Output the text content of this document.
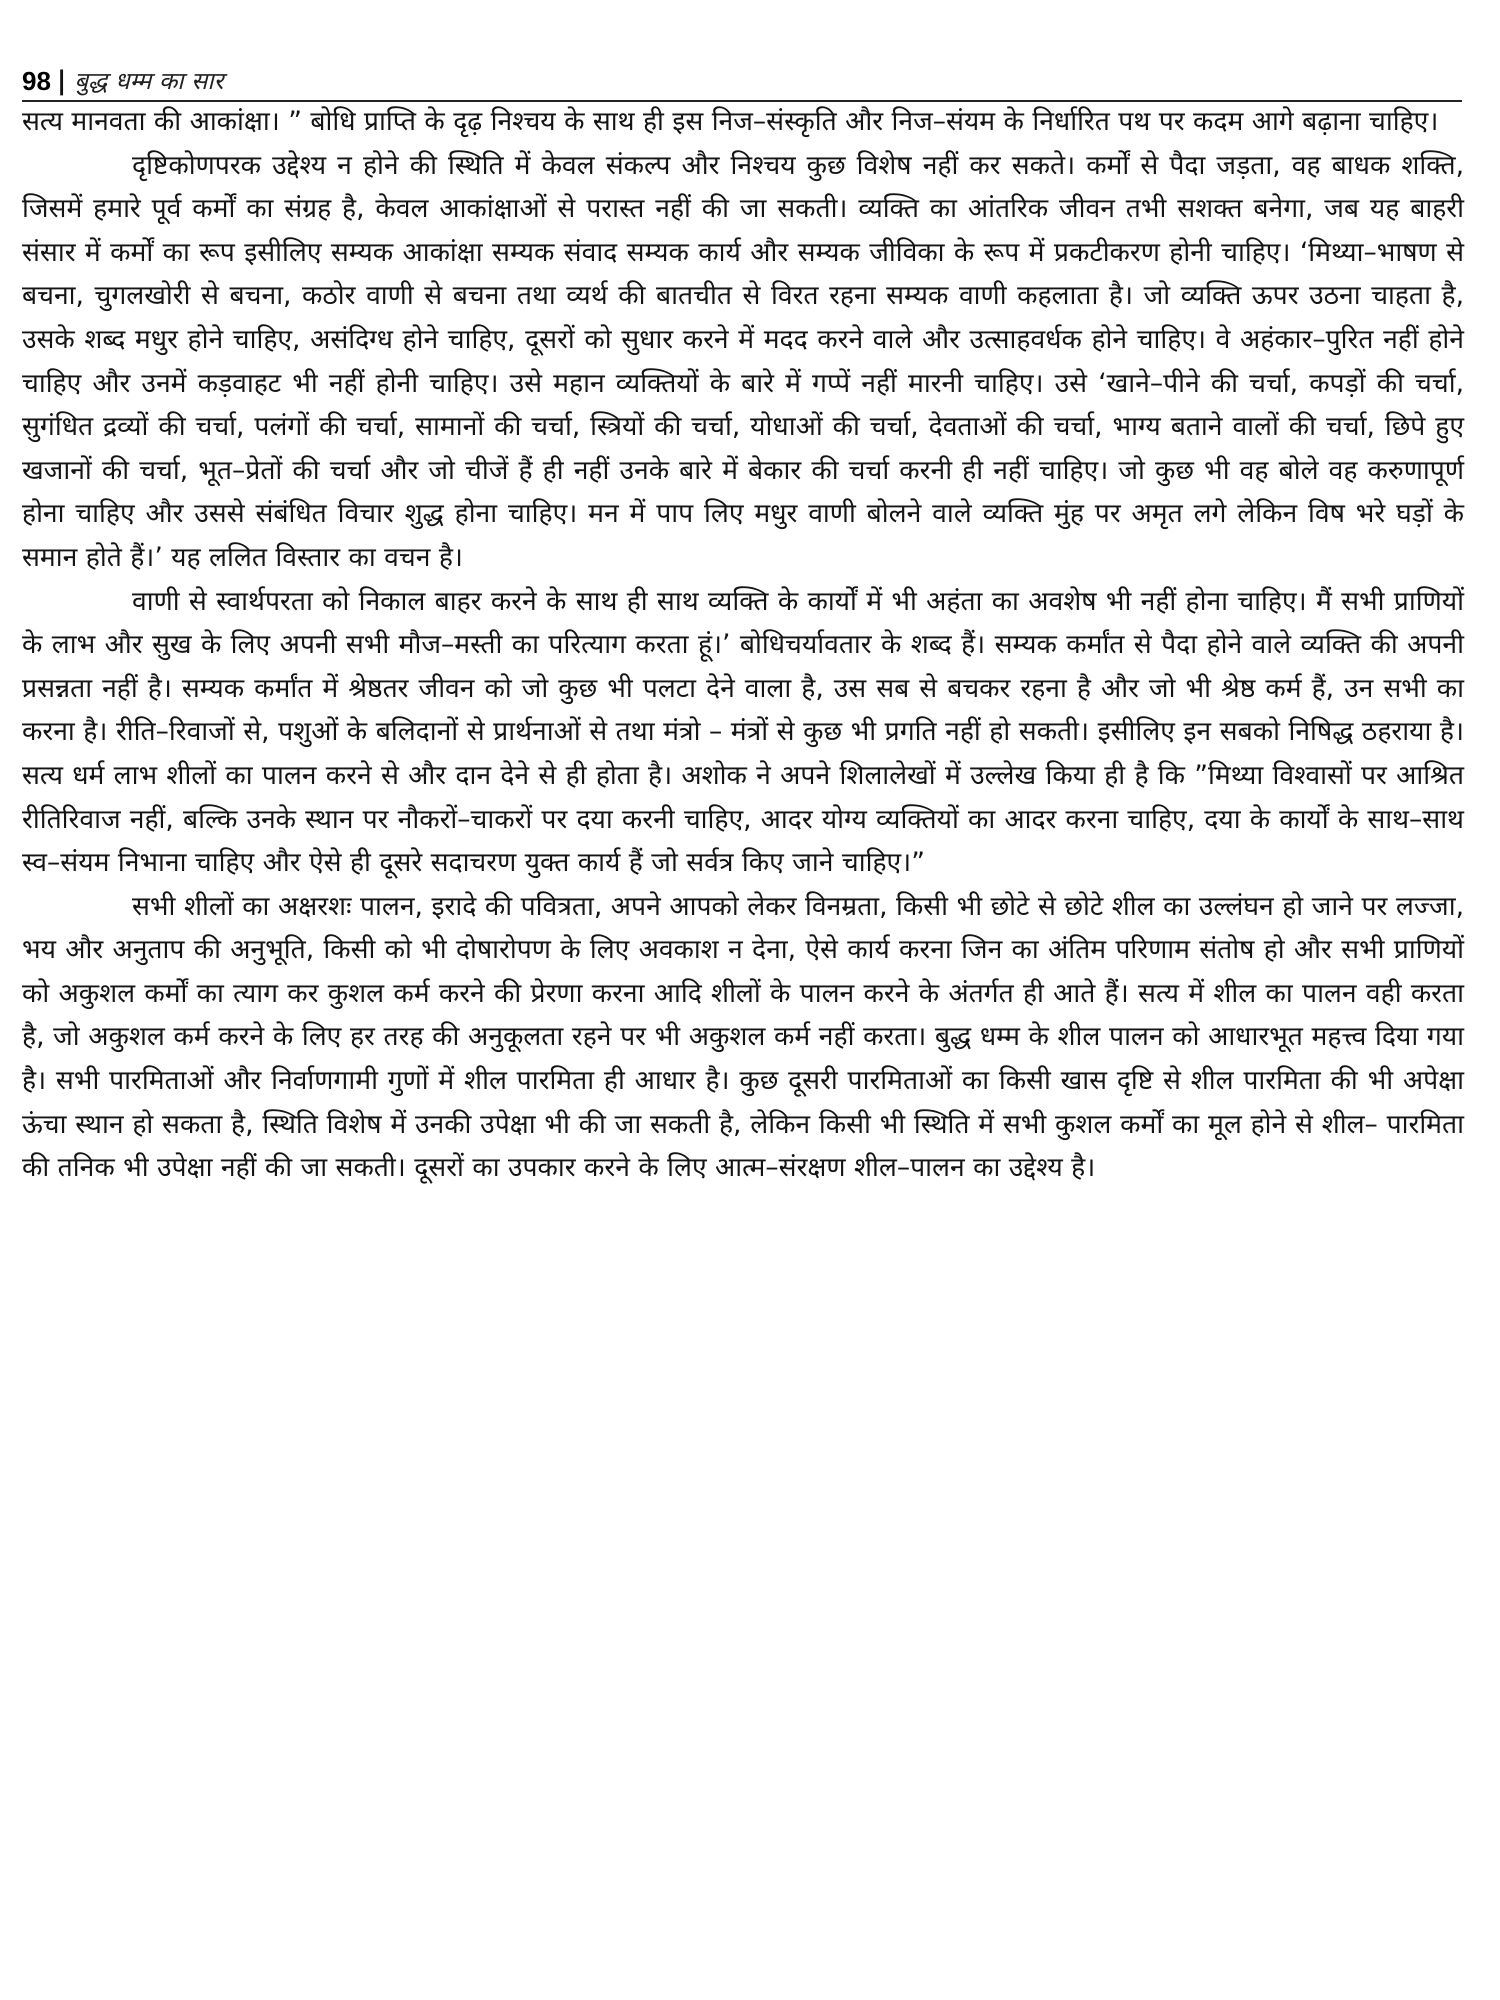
98 | बुद्ध धम्म का सार

सत्य मानवता की आकांक्षा। ” बोधि प्राप्ति के दृढ़ निश्चय के साथ ही इस निज–संस्कृति और निज–संयम के निर्धारित पथ पर कदम आगे बढ़ाना चाहिए।

दृष्टिकोणपरक उद्देश्य न होने की स्थिति में केवल संकल्प और निश्चय कुछ विशेष नहीं कर सकते। कर्मों से पैदा जड़ता, वह बाधक शक्ति, जिसमें हमारे पूर्व कर्मों का संग्रह है, केवल आकांक्षाओं से परास्त नहीं की जा सकती। व्यक्ति का आंतरिक जीवन तभी सशक्त बनेगा, जब यह बाहरी संसार में कर्मों का रूप इसीलिए सम्यक आकांक्षा सम्यक संवाद सम्यक कार्य और सम्यक जीविका के रूप में प्रकटीकरण होनी चाहिए। ‘मिथ्या–भाषण से बचना, चुगलखोरी से बचना, कठोर वाणी से बचना तथा व्यर्थ की बातचीत से विरत रहना सम्यक वाणी कहलाता है। जो व्यक्ति ऊपर उठना चाहता है, उसके शब्द मधुर होने चाहिए, असंदिग्ध होने चाहिए, दूसरों को सुधार करने में मदद करने वाले और उत्साहवर्धक होने चाहिए। वे अहंकार–पुरित नहीं होने चाहिए और उनमें कड़वाहट भी नहीं होनी चाहिए। उसे महान व्यक्तियों के बारे में गप्पें नहीं मारनी चाहिए। उसे ‘खाने–पीने की चर्चा, कपड़ों की चर्चा, सुगंधित द्रव्यों की चर्चा, पलंगों की चर्चा, सामानों की चर्चा, स्त्रियों की चर्चा, योधाओं की चर्चा, देवताओं की चर्चा, भाग्य बताने वालों की चर्चा, छिपे हुए खजानों की चर्चा, भूत–प्रेतों की चर्चा और जो चीजें हैं ही नहीं उनके बारे में बेकार की चर्चा करनी ही नहीं चाहिए। जो कुछ भी वह बोले वह करुणापूर्ण होना चाहिए और उससे संबंधित विचार शुद्ध होना चाहिए। मन में पाप लिए मधुर वाणी बोलने वाले व्यक्ति मुंह पर अमृत लगे लेकिन विष भरे घड़ों के समान होते हैं।’ यह ललित विस्तार का वचन है।

वाणी से स्वार्थपरता को निकाल बाहर करने के साथ ही साथ व्यक्ति के कार्यों में भी अहंता का अवशेष भी नहीं होना चाहिए। मैं सभी प्राणियों के लाभ और सुख के लिए अपनी सभी मौज–मस्ती का परित्याग करता हूं।’ बोधिचर्यावतार के शब्द हैं। सम्यक कर्मांत से पैदा होने वाले व्यक्ति की अपनी प्रसन्नता नहीं है। सम्यक कर्मांत में श्रेष्ठतर जीवन को जो कुछ भी पलटा देने वाला है, उस सब से बचकर रहना है और जो भी श्रेष्ठ कर्म हैं, उन सभी का करना है। रीति–रिवाजों से, पशुओं के बलिदानों से प्रार्थनाओं से तथा मंत्रो – मंत्रों से कुछ भी प्रगति नहीं हो सकती। इसीलिए इन सबको निषिद्ध ठहराया है। सत्य धर्म लाभ शीलों का पालन करने से और दान देने से ही होता है। अशोक ने अपने शिलालेखों में उल्लेख किया ही है कि ”मिथ्या विश्वासों पर आश्रित रीतिरिवाज नहीं, बल्कि उनके स्थान पर नौकरों–चाकरों पर दया करनी चाहिए, आदर योग्य व्यक्तियों का आदर करना चाहिए, दया के कार्यों के साथ–साथ स्व–संयम निभाना चाहिए और ऐसे ही दूसरे सदाचरण युक्त कार्य हैं जो सर्वत्र किए जाने चाहिए।”

सभी शीलों का अक्षरशः पालन, इरादे की पवित्रता, अपने आपको लेकर विनम्रता, किसी भी छोटे से छोटे शील का उल्लंघन हो जाने पर लज्जा, भय और अनुताप की अनुभूति, किसी को भी दोषारोपण के लिए अवकाश न देना, ऐसे कार्य करना जिन का अंतिम परिणाम संतोष हो और सभी प्राणियों को अकुशल कर्मों का त्याग कर कुशल कर्म करने की प्रेरणा करना आदि शीलों के पालन करने के अंतर्गत ही आते हैं। सत्य में शील का पालन वही करता है, जो अकुशल कर्म करने के लिए हर तरह की अनुकूलता रहने पर भी अकुशल कर्म नहीं करता। बुद्ध धम्म के शील पालन को आधारभूत महत्त्व दिया गया है। सभी पारमिताओं और निर्वाणगामी गुणों में शील पारमिता ही आधार है। कुछ दूसरी पारमिताओं का किसी खास दृष्टि से शील पारमिता की भी अपेक्षा ऊंचा स्थान हो सकता है, स्थिति विशेष में उनकी उपेक्षा भी की जा सकती है, लेकिन किसी भी स्थिति में सभी कुशल कर्मों का मूल होने से शील– पारमिता की तनिक भी उपेक्षा नहीं की जा सकती। दूसरों का उपकार करने के लिए आत्म–संरक्षण शील–पालन का उद्देश्य है।
